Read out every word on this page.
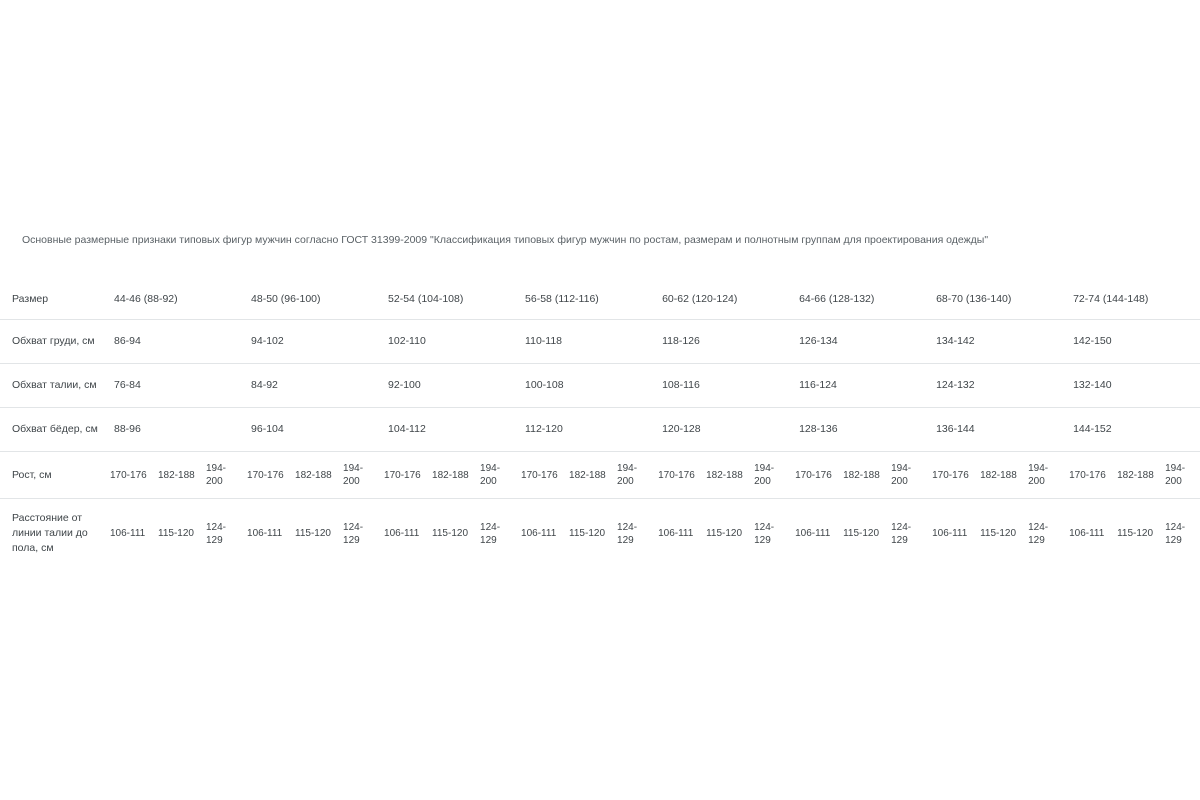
Основные размерные признаки типовых фигур мужчин согласно ГОСТ 31399-2009 "Классификация типовых фигур мужчин по ростам, размерам и полнотным группам для проектирования одежды"
Размер	44-46 (88-92)			48-50 (96-100)			52-54 (104-108)			56-58 (112-116)			60-62 (120-124)			64-66 (128-132)			68-70 (136-140)			72-74 (144-148)		
Обхват груди, см	86-94			94-102			102-110			110-118			118-126			126-134			134-142			142-150		
Обхват талии, см	76-84			84-92			92-100			100-108			108-116			116-124			124-132			132-140		
Обхват бёдер, см	88-96			96-104			104-112			112-120			120-128			128-136			136-144			144-152		
Рост, см	170-176	182-188	194-200	170-176	182-188	194-200	170-176	182-188	194-200	170-176	182-188	194-200	170-176	182-188	194-200	170-176	182-188	194-200	170-176	182-188	194-200	170-176	182-188	194-200
Расстояние от линии талии до пола, см	106-111	115-120	124-129	106-111	115-120	124-129	106-111	115-120	124-129	106-111	115-120	124-129	106-111	115-120	124-129	106-111	115-120	124-129	106-111	115-120	124-129	106-111	115-120	124-129
